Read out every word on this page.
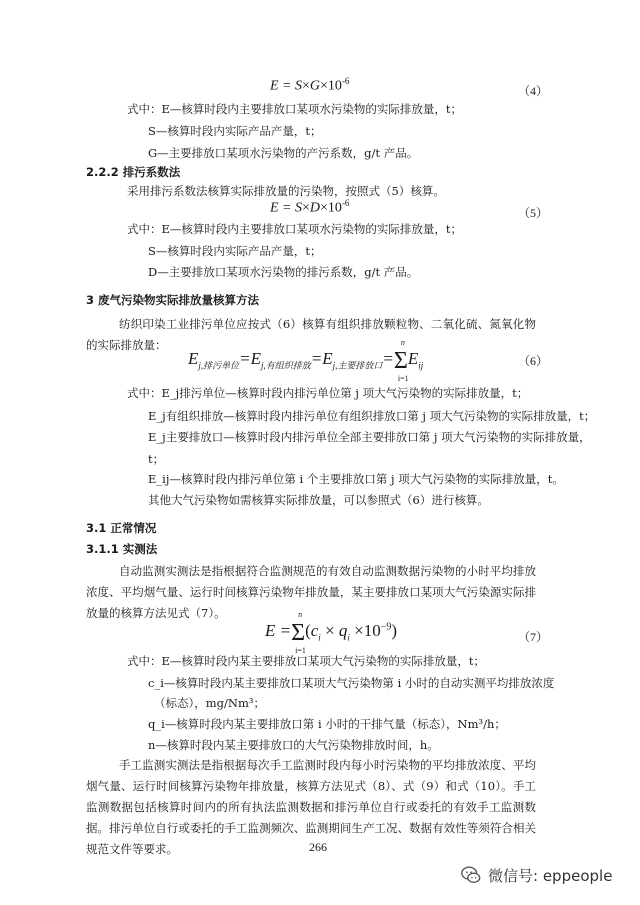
$E = S\times G\times 10^{-6}$
（4）
式中：E—核算时段内主要排放口某项水污染物的实际排放量，t；
S—核算时段内实际产品产量，t；
G—主要排放口某项水污染物的产污系数，g/t 产品。
2.2.2 排污系数法
采用排污系数法核算实际排放量的污染物，按照式（5）核算。
$E = S\times D\times 10^{-6}$
（5）
式中：E—核算时段内主要排放口某项水污染物的实际排放量，t；
S—核算时段内实际产品产量，t；
D—主要排放口某项水污染物的排污系数，g/t 产品。
3 废气污染物实际排放量核算方法
纺织印染工业排污单位应按式（6）核算有组织排放颗粒物、二氧化硫、氮氧化物的实际排放量：
$E_{j,排污单位}=E_{j,有组织排放}=E_{j,主要排放口}=\Sigma$
n
i=1
$E_{ij}$	（6）
式中：E_j排污单位—核算时段内排污单位第 j 项大气污染物的实际排放量，t；
E_j有组织排放—核算时段内排污单位有组织排放口第 j 项大气污染物的实际排放量，t；
E_j主要排放口—核算时段内排污单位全部主要排放口第 j 项大气污染物的实际排放量，
t；
E_ij—核算时段内排污单位第 i 个主要排放口第 j 项大气污染物的实际排放量，t。
其他大气污染物如需核算实际排放量，可以参照式（6）进行核算。
3.1 正常情况
3.1.1 实测法
自动监测实测法是指根据符合监测规范的有效自动监测数据污染物的小时平均排放浓度、平均烟气量、运行时间核算污染物年排放量，某主要排放口某项大气污染源实际排放量的核算方法见式（7）。
E =Σ
n
i=1
$(c_i \times q_i \times 10^{-9})$	（7）
式中：E—核算时段内某主要排放口某项大气污染物的实际排放量，t；
c_i—核算时段内某主要排放口某项大气污染物第 i 小时的自动实测平均排放浓度
（标态），mg/Nm³；
q_i—核算时段内某主要排放口第 i 小时的干排气量（标态），Nm³/h；
n—核算时段内某主要排放口的大气污染物排放时间，h。
手工监测实测法是指根据每次手工监测时段内每小时污染物的平均排放浓度、平均烟气量、运行时间核算污染物年排放量，核算方法见式（8）、式（9）和式（10）。手工监测数据包括核算时间内的所有执法监测数据和排污单位自行或委托的有效手工监测数据。排污单位自行或委托的手工监测频次、监测期间生产工况、数据有效性等须符合相关规范文件等要求。	266
微信号: eppeople
